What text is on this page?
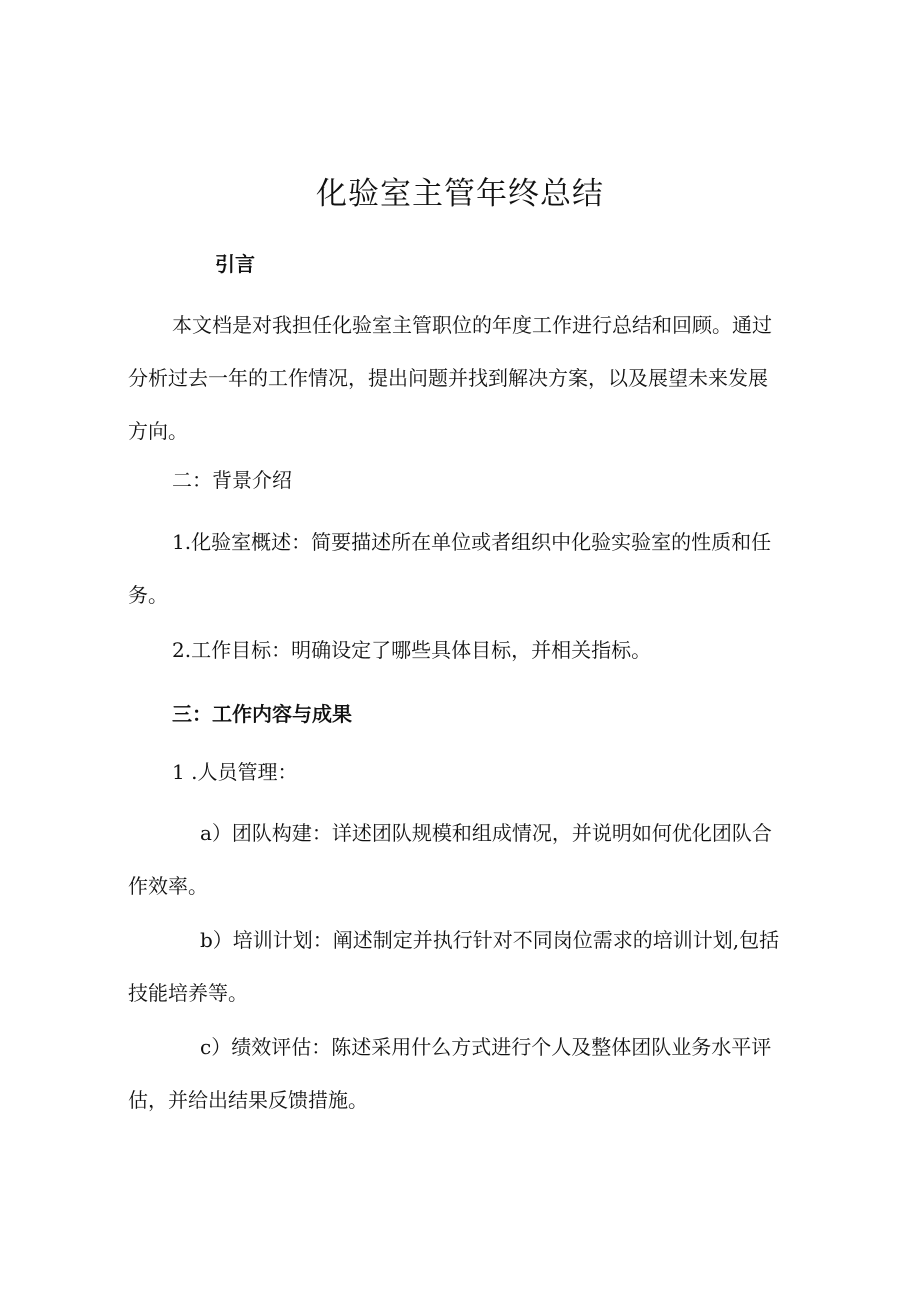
化验室主管年终总结
引言
本文档是对我担任化验室主管职位的年度工作进行总结和回顾。通过
分析过去一年的工作情况，提出问题并找到解决方案，以及展望未来发展
方向。
二：背景介绍
1.化验室概述：简要描述所在单位或者组织中化验实验室的性质和任
务。
2.工作目标：明确设定了哪些具体目标，并相关指标。
三：工作内容与成果
1 .人员管理：
a）团队构建：详述团队规模和组成情况，并说明如何优化团队合
作效率。
b）培训计划：阐述制定并执行针对不同岗位需求的培训计划,包括
技能培养等。
c）绩效评估：陈述采用什么方式进行个人及整体团队业务水平评
估，并给出结果反馈措施。
